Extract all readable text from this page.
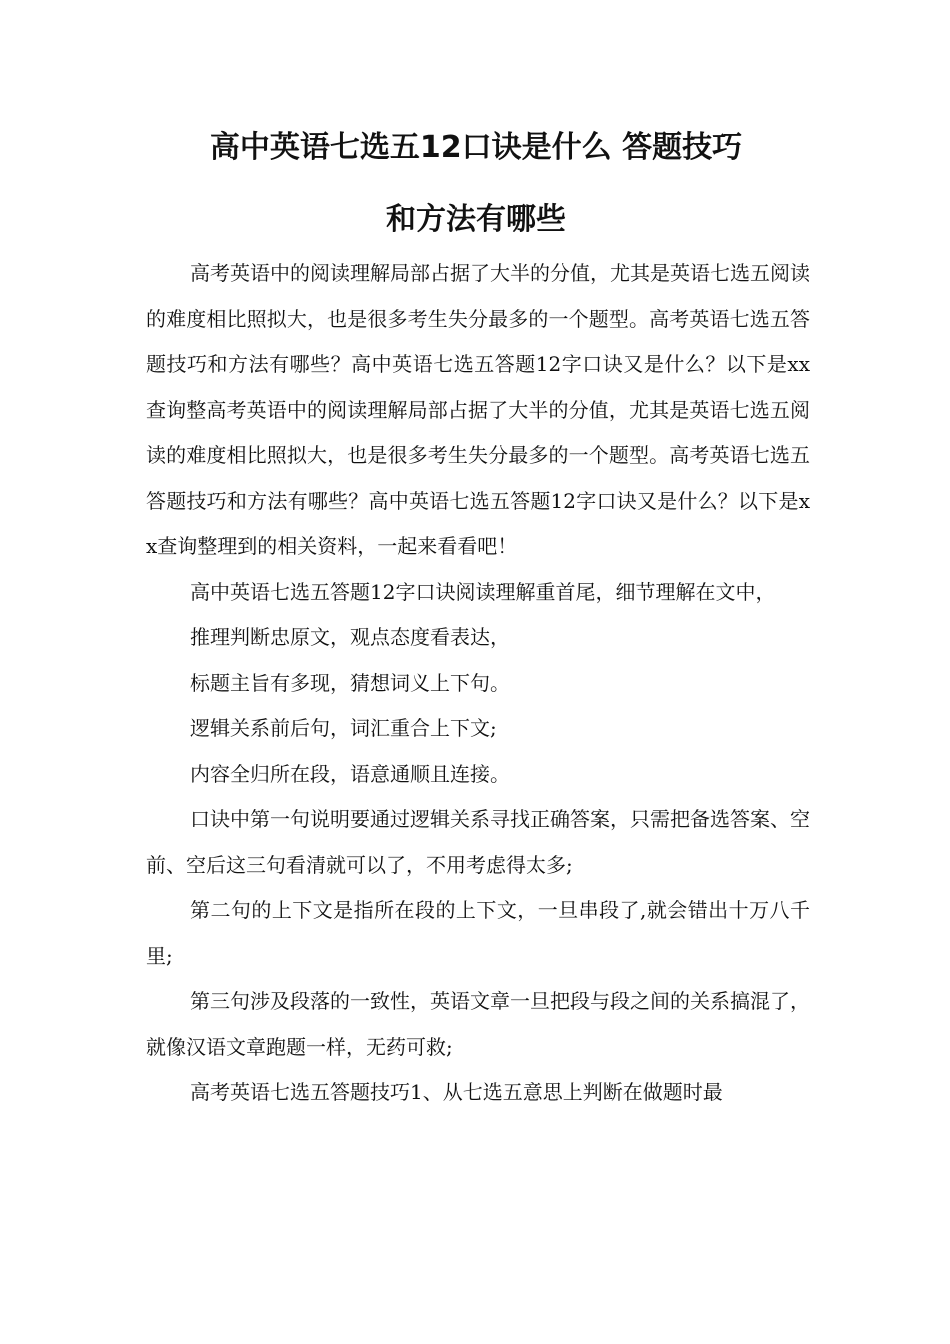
高中英语七选五12口诀是什么 答题技巧
和方法有哪些

高考英语中的阅读理解局部占据了大半的分值，尤其是英语七选五阅读的难度相比照拟大，也是很多考生失分最多的一个题型。高考英语七选五答题技巧和方法有哪些？高中英语七选五答题12字口诀又是什么？以下是xx查询整高考英语中的阅读理解局部占据了大半的分值，尤其是英语七选五阅读的难度相比照拟大，也是很多考生失分最多的一个题型。高考英语七选五答题技巧和方法有哪些？高中英语七选五答题12字口诀又是什么？以下是xx查询整理到的相关资料，一起来看看吧！

高中英语七选五答题12字口诀阅读理解重首尾，细节理解在文中，

推理判断忠原文，观点态度看表达，

标题主旨有多现，猜想词义上下句。

逻辑关系前后句，词汇重合上下文;

内容全归所在段，语意通顺且连接。

口诀中第一句说明要通过逻辑关系寻找正确答案，只需把备选答案、空前、空后这三句看清就可以了，不用考虑得太多;

第二句的上下文是指所在段的上下文，一旦串段了,就会错出十万八千里;

第三句涉及段落的一致性，英语文章一旦把段与段之间的关系搞混了，就像汉语文章跑题一样，无药可救;

高考英语七选五答题技巧1、从七选五意思上判断在做题时最
